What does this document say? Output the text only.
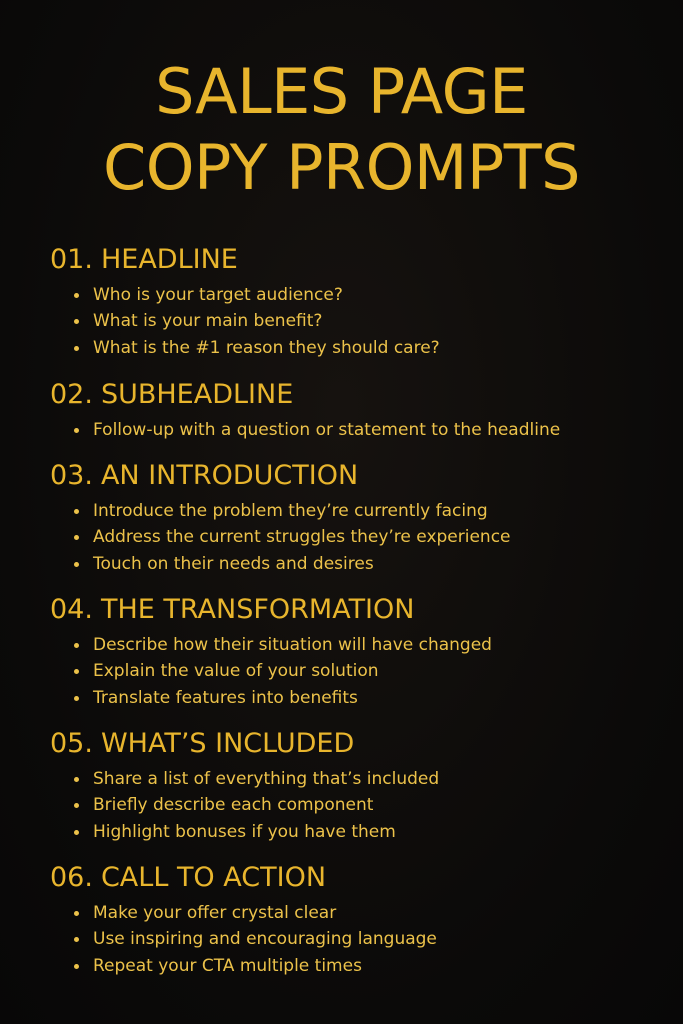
SALES PAGE
COPY PROMPTS
01. HEADLINE
Who is your target audience?
What is your main benefit?
What is the #1 reason they should care?
02. SUBHEADLINE
Follow-up with a question or statement to the headline
03. AN INTRODUCTION
Introduce the problem they’re currently facing
Address the current struggles they’re experience
Touch on their needs and desires
04. THE TRANSFORMATION
Describe how their situation will have changed
Explain the value of your solution
Translate features into benefits
05. WHAT’S INCLUDED
Share a list of everything that’s included
Briefly describe each component
Highlight bonuses if you have them
06. CALL TO ACTION
Make your offer crystal clear
Use inspiring and encouraging language
Repeat your CTA multiple times
